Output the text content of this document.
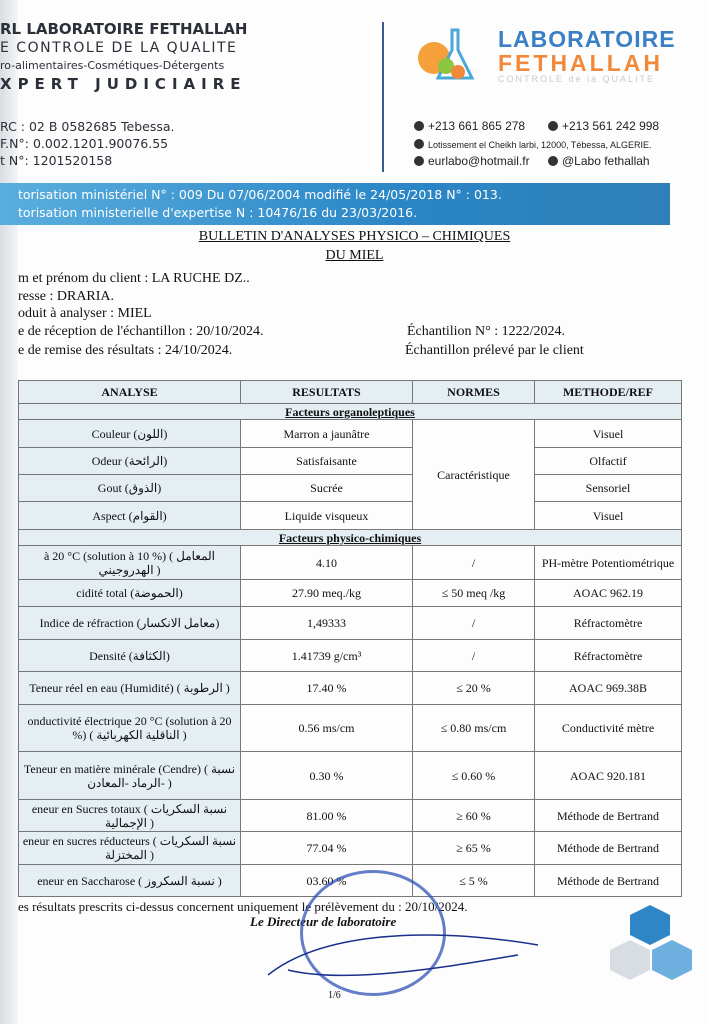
RL LABORATOIRE FETHALLAH
E CONTROLE DE LA QUALITE
ro-alimentaires-Cosmétiques-Détergents
XPERT JUDICIAIRE
RC : 02 B 0582685 Tebessa.
F.N°: 0.002.1201.90076.55
t N°: 1201520158
LABORATOIRE
FETHALLAH
CONTROLE de la QUALITE
+213 661 865 278	+213 561 242 998
Lotissement el Cheikh larbi, 12000, Tébessa, ALGERIE.
eurlabo@hotmail.fr	@Labo fethallah
torisation ministériel N° : 009 Du 07/06/2004 modifié le 24/05/2018 N° : 013.
torisation ministerielle d'expertise N : 10476/16 du 23/03/2016.
BULLETIN D'ANALYSES PHYSICO – CHIMIQUES
DU MIEL
m et prénom du client : LA RUCHE DZ..
resse : DRARIA.
oduit à analyser : MIEL
e de réception de l'échantillon : 20/10/2024.
e de remise des résultats : 24/10/2024.
Échantilion N° : 1222/2024.
Échantillon prélevé par le client
ANALYSE	RESULTATS	NORMES	METHODE/REF
Facteurs organoleptiques			
Couleur (اللون)	Marron a jaunâtre	Caractéristique	Visuel
Odeur (الرائحة)	Satisfaisante		Olfactif
Gout (الذوق)	Sucrée		Sensoriel
Aspect (القوام)	Liquide visqueux		Visuel
Facteurs physico-chimiques			
à 20 °C (solution à 10 %) ( المعامل الهدروجيني )	4.10	/	PH-mètre Potentiométrique
cidité total (الحموضة)	27.90 meq./kg	≤ 50 meq /kg	AOAC 962.19
Indice de réfraction (معامل الانكسار)	1,49333	/	Réfractomètre
Densité (الكثافة)	1.41739 g/cm³	/	Réfractomètre
Teneur réel en eau (Humidité) ( الرطوبة )	17.40 %	≤ 20 %	AOAC 969.38B
onductivité électrique 20 °C (solution à 20 %) ( الناقلية الكهربائية )	0.56 ms/cm	≤ 0.80 ms/cm	Conductivité mètre
Teneur en matière minérale (Cendre) ( نسبة الرماد -المعادن- )	0.30 %	≤ 0.60 %	AOAC 920.181
eneur en Sucres totaux ( نسبة السكريات الإجمالية )	81.00 %	≥ 60 %	Méthode de Bertrand
eneur en sucres réducteurs ( نسبة السكريات المختزلة )	77.04 %	≥ 65 %	Méthode de Bertrand
eneur en Saccharose ( نسبة السكروز )	03.60 %	≤ 5 %	Méthode de Bertrand
es résultats prescrits ci-dessus concernent uniquement le prélèvement du : 20/10/2024.
Le Directeur de laboratoire
1/6
